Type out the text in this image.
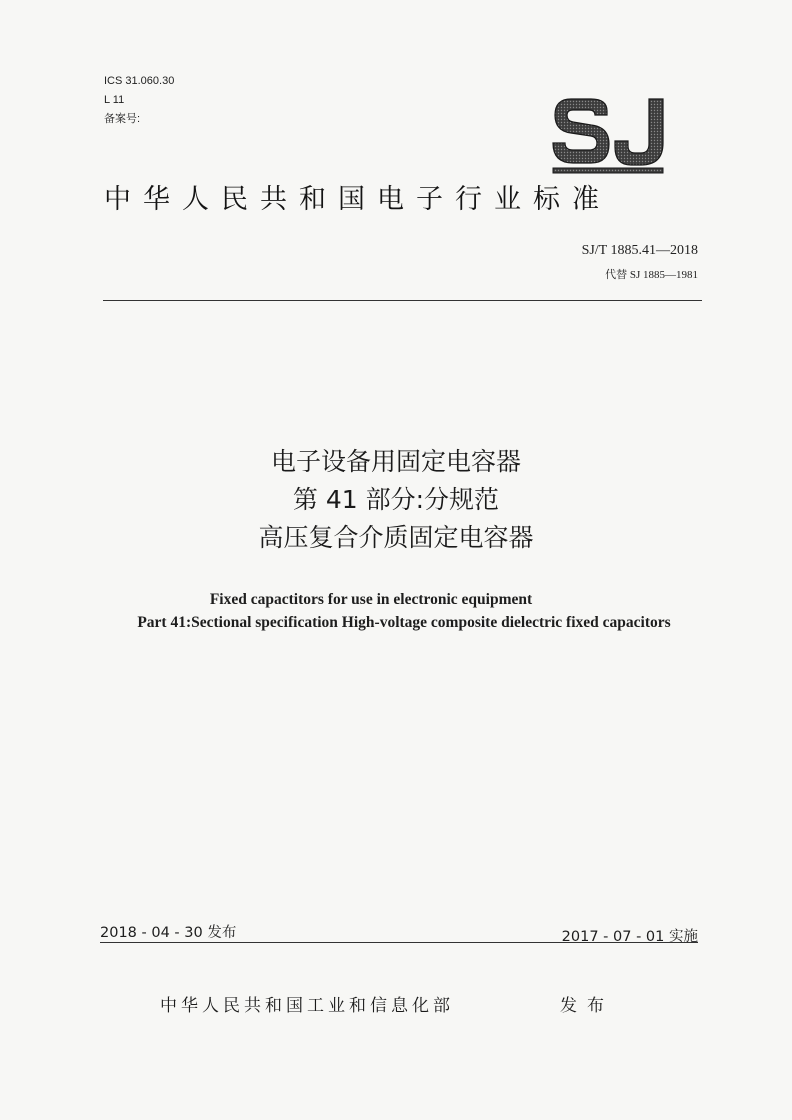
ICS 31.060.30
L 11
备案号:
中华人民共和国电子行业标准
SJ/T 1885.41—2018
代替 SJ 1885—1981
电子设备用固定电容器
第 41 部分:分规范
高压复合介质固定电容器
Fixed capactitors for use in electronic equipment
Part 41:Sectional specification High-voltage composite dielectric fixed capacitors
2018 - 04 - 30 发布	2017 - 07 - 01 实施
中华人民共和国工业和信息化部	发布
